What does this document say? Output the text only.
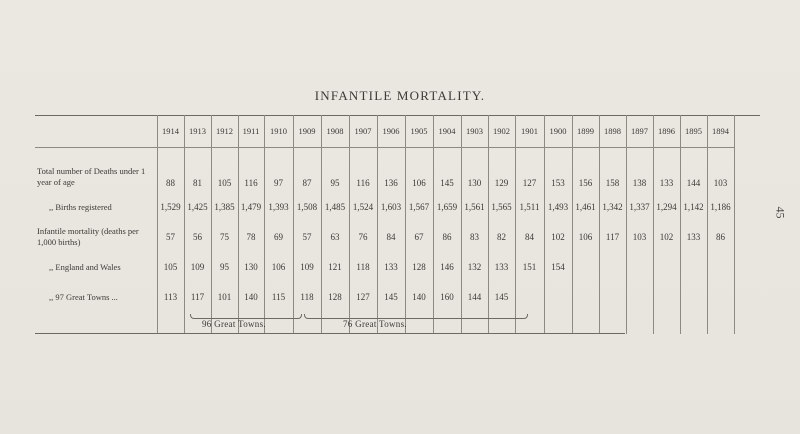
INFANTILE MORTALITY.
45
	1914	1913	1912	1911	1910	1909	1908	1907	1906	1905	1904	1903	1902	1901	1900	1899	1898	1897	1896	1895	1894
Total number of Deaths under 1 year of age	88	81	105	116	97	87	95	116	136	106	145	130	129	127	153	156	158	138	133	144	103
,, Births registered	1,529	1,425	1,385	1,479	1,393	1,508	1,485	1,524	1,603	1,567	1,659	1,561	1,565	1,511	1,493	1,461	1,342	1,337	1,294	1,142	1,186
Infantile mortality (deaths per 1,000 births)	57	56	75	78	69	57	63	76	84	67	86	83	82	84	102	106	117	103	102	133	86
,, England and Wales	105	109	95	130	106	109	121	118	133	128	146	132	133	151	154						
,, 97 Great Towns ...	113	117	101	140	115	118	128	127	145	140	160	144	145								

96 Great Towns.	76 Great Towns.
